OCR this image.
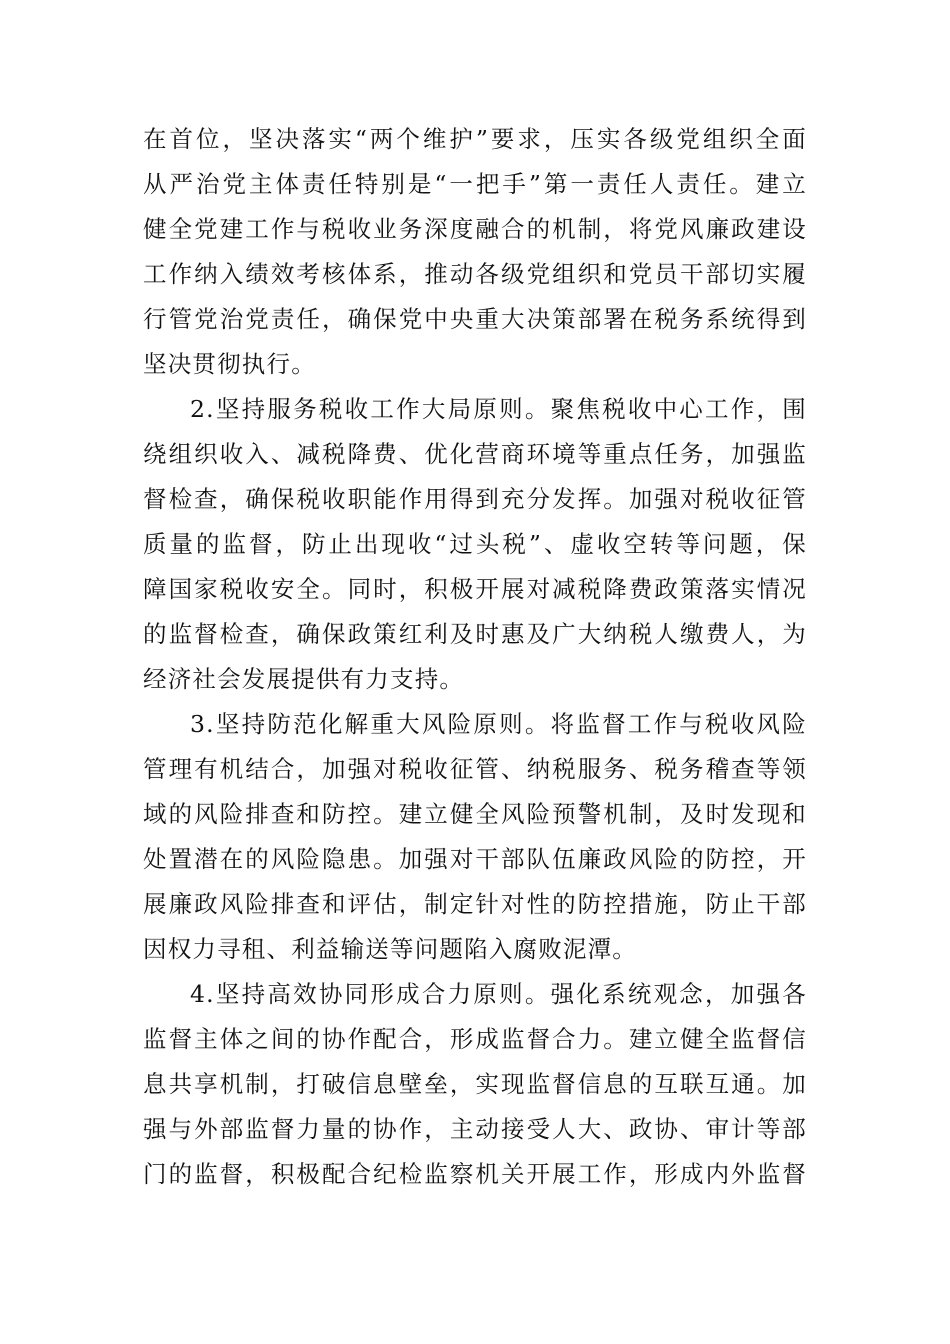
在首位，坚决落实“两个维护”要求，压实各级党组织全面
从严治党主体责任特别是“一把手”第一责任人责任。建立
健全党建工作与税收业务深度融合的机制，将党风廉政建设
工作纳入绩效考核体系，推动各级党组织和党员干部切实履
行管党治党责任，确保党中央重大决策部署在税务系统得到
坚决贯彻执行。
2.坚持服务税收工作大局原则。聚焦税收中心工作，围
绕组织收入、减税降费、优化营商环境等重点任务，加强监
督检查，确保税收职能作用得到充分发挥。加强对税收征管
质量的监督，防止出现收“过头税”、虚收空转等问题，保
障国家税收安全。同时，积极开展对减税降费政策落实情况
的监督检查，确保政策红利及时惠及广大纳税人缴费人，为
经济社会发展提供有力支持。
3.坚持防范化解重大风险原则。将监督工作与税收风险
管理有机结合，加强对税收征管、纳税服务、税务稽查等领
域的风险排查和防控。建立健全风险预警机制，及时发现和
处置潜在的风险隐患。加强对干部队伍廉政风险的防控，开
展廉政风险排查和评估，制定针对性的防控措施，防止干部
因权力寻租、利益输送等问题陷入腐败泥潭。
4.坚持高效协同形成合力原则。强化系统观念，加强各
监督主体之间的协作配合，形成监督合力。建立健全监督信
息共享机制，打破信息壁垒，实现监督信息的互联互通。加
强与外部监督力量的协作，主动接受人大、政协、审计等部
门的监督，积极配合纪检监察机关开展工作，形成内外监督
